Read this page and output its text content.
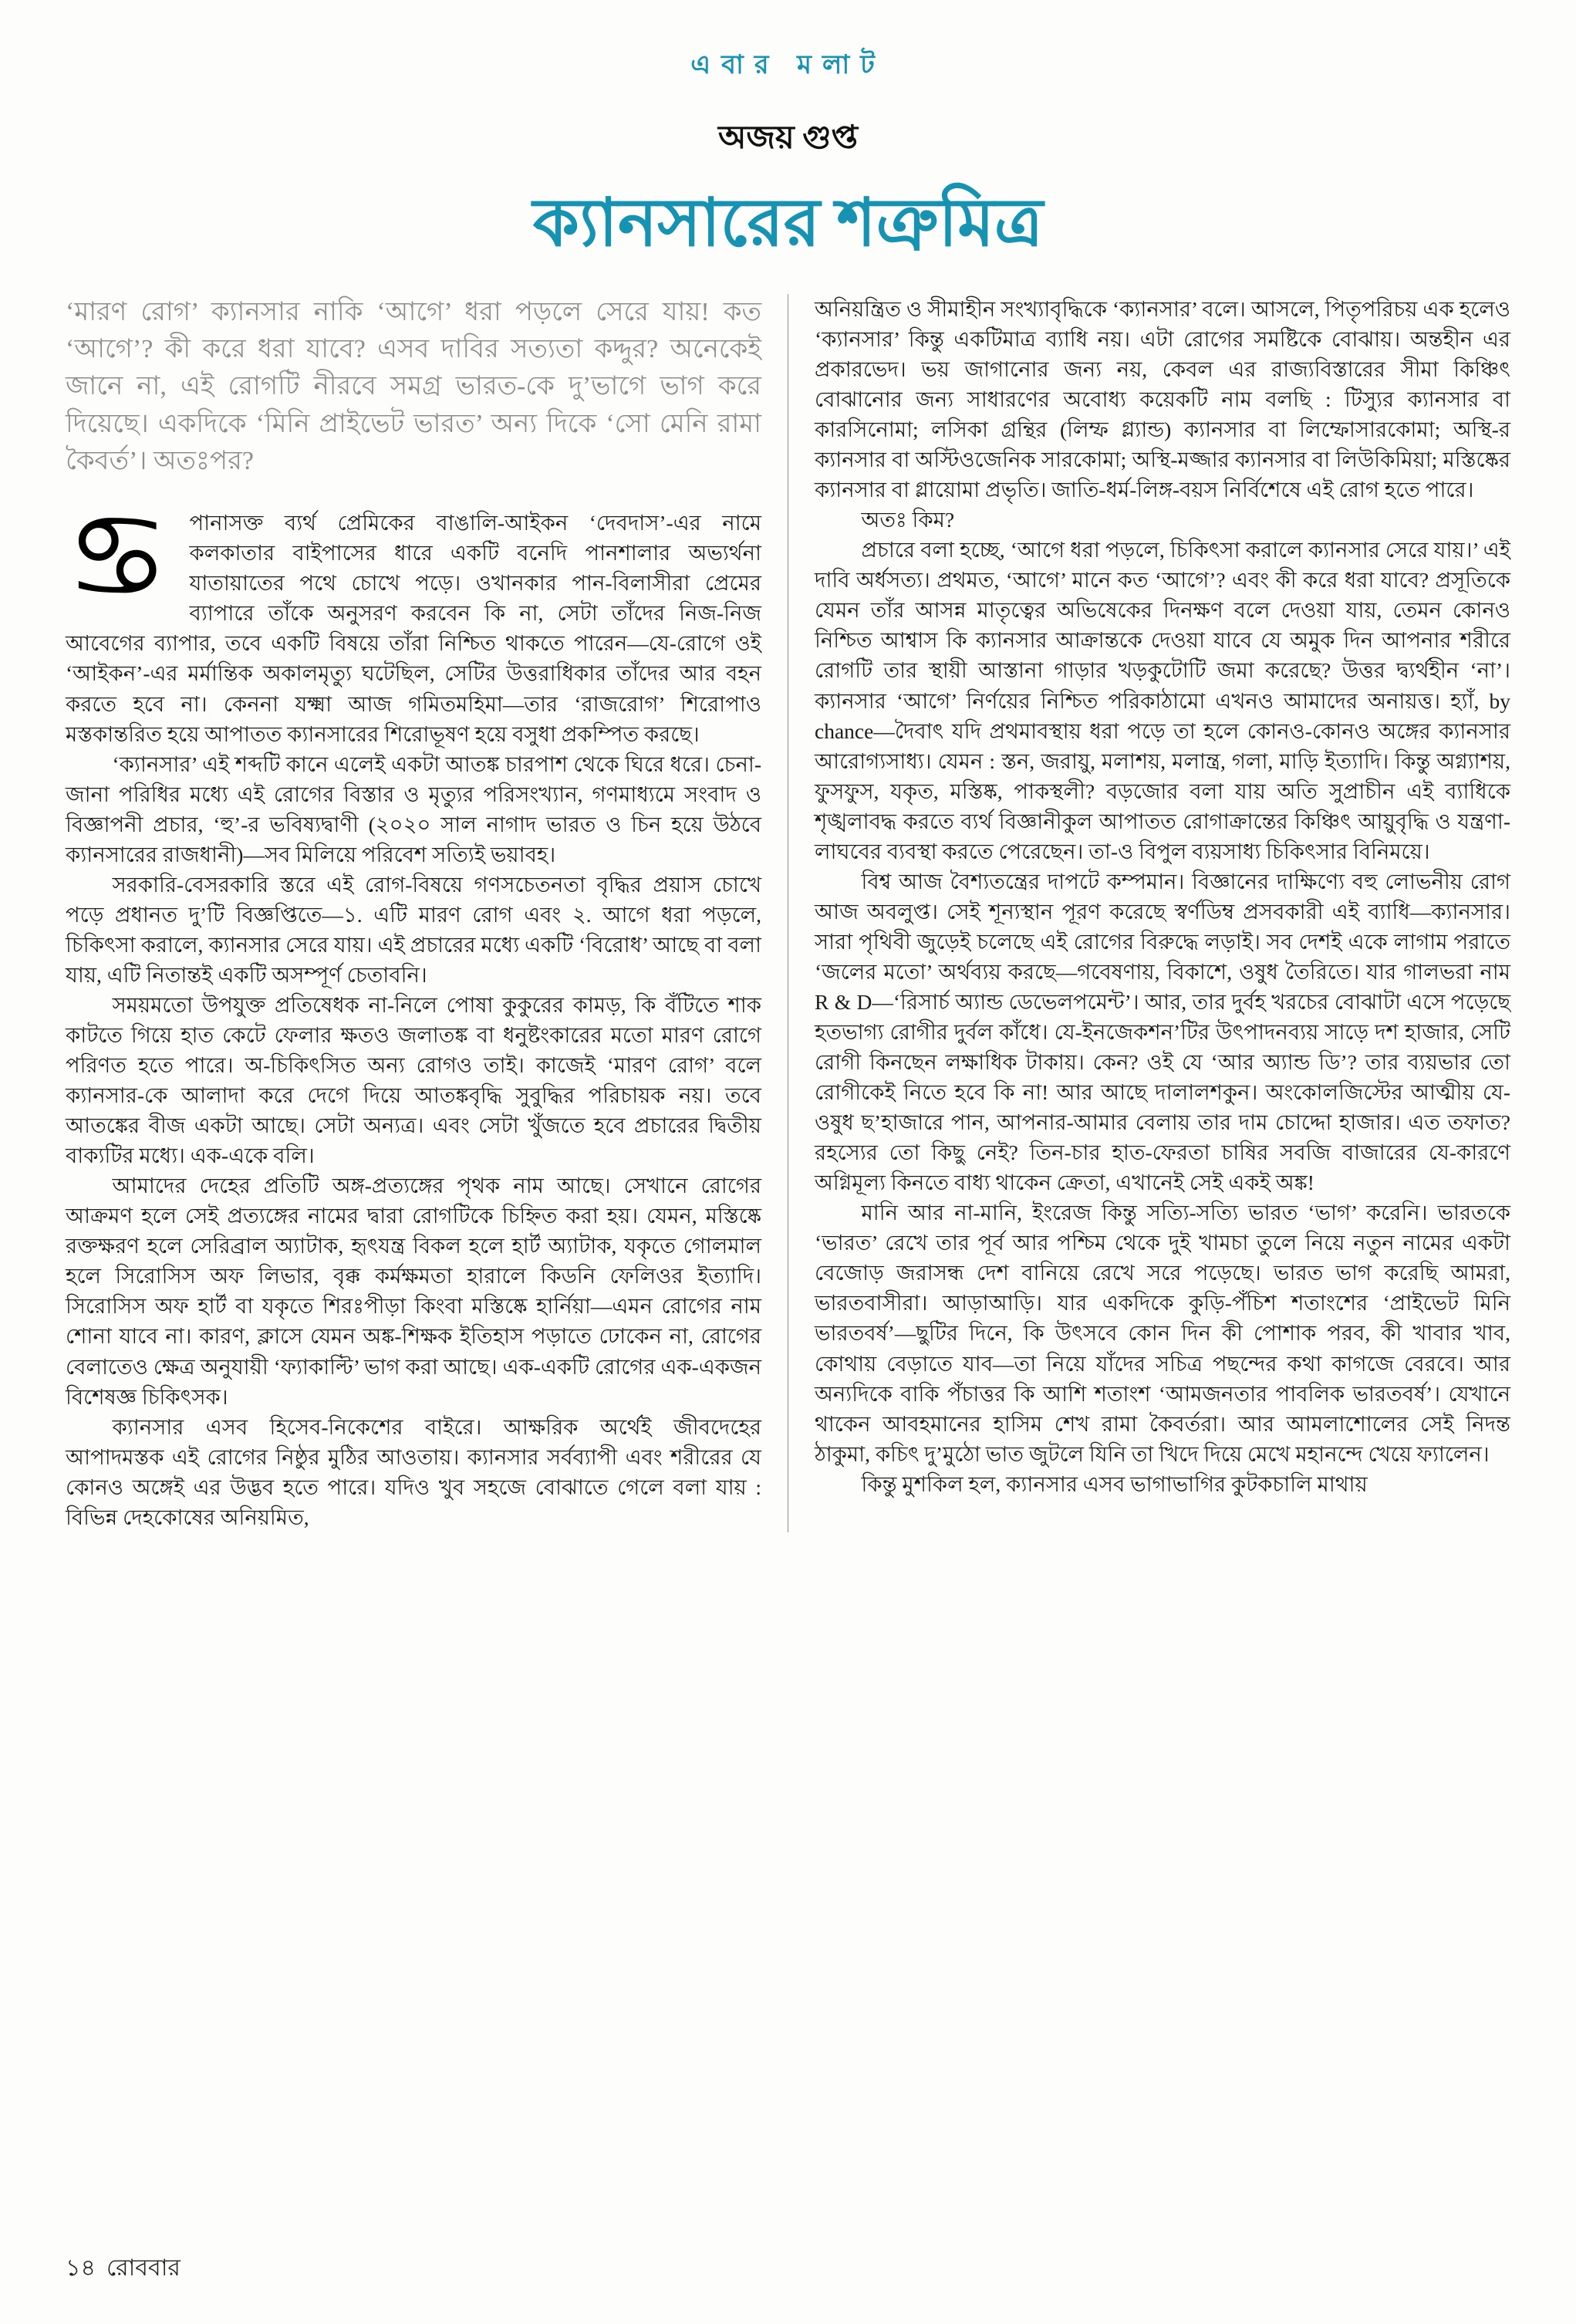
এবার মলাট
অজয় গুপ্ত
ক্যানসারের শত্রুমিত্র

‘মারণ রোগ’ ক্যানসার নাকি ‘আগে’ ধরা পড়লে সেরে যায়! কত ‘আগে’? কী করে ধরা যাবে? এসব দাবির সত্যতা কদ্দুর? অনেকেই জানে না, এই রোগটি নীরবে সমগ্র ভারত-কে দু’ভাগে ভাগ করে দিয়েছে। একদিকে ‘মিনি প্রাইভেট ভারত’ অন্য দিকে ‘সো মেনি রামা কৈবর্ত’। অতঃপর?

♋ পানাসক্ত ব্যর্থ প্রেমিকের বাঙালি-আইকন ‘দেবদাস’-এর নামে কলকাতার বাইপাসের ধারে একটি বনেদি পানশালার অভ্যর্থনা যাতায়াতের পথে চোখে পড়ে। ওখানকার পান-বিলাসীরা প্রেমের ব্যাপারে তাঁকে অনুসরণ করবেন কি না, সেটা তাঁদের নিজ-নিজ আবেগের ব্যাপার, তবে একটি বিষয়ে তাঁরা নিশ্চিত থাকতে পারেন—যে-রোগে ওই ‘আইকন’-এর মর্মান্তিক অকালমৃত্যু ঘটেছিল, সেটির উত্তরাধিকার তাঁদের আর বহন করতে হবে না। কেননা যক্ষ্মা আজ গমিতমহিমা—তার ‘রাজরোগ’ শিরোপাও মস্তকান্তরিত হয়ে আপাতত ক্যানসারের শিরোভূষণ হয়ে বসুধা প্রকম্পিত করছে।

‘ক্যানসার’ এই শব্দটি কানে এলেই একটা আতঙ্ক চারপাশ থেকে ঘিরে ধরে। চেনা-জানা পরিধির মধ্যে এই রোগের বিস্তার ও মৃত্যুর পরিসংখ্যান, গণমাধ্যমে সংবাদ ও বিজ্ঞাপনী প্রচার, ‘হু’-র ভবিষ্যদ্বাণী (২০২০ সাল নাগাদ ভারত ও চিন হয়ে উঠবে ক্যানসারের রাজধানী)—সব মিলিয়ে পরিবেশ সত্যিই ভয়াবহ।

সরকারি-বেসরকারি স্তরে এই রোগ-বিষয়ে গণসচেতনতা বৃদ্ধির প্রয়াস চোখে পড়ে প্রধানত দু’টি বিজ্ঞপ্তিতে—১. এটি মারণ রোগ এবং ২. আগে ধরা পড়লে, চিকিৎসা করালে, ক্যানসার সেরে যায়। এই প্রচারের মধ্যে একটি ‘বিরোধ’ আছে বা বলা যায়, এটি নিতান্তই একটি অসম্পূর্ণ চেতাবনি।

সময়মতো উপযুক্ত প্রতিষেধক না-নিলে পোষা কুকুরের কামড়, কি বঁটিতে শাক কাটতে গিয়ে হাত কেটে ফেলার ক্ষতও জলাতঙ্ক বা ধনুষ্টংকারের মতো মারণ রোগে পরিণত হতে পারে। অ-চিকিৎসিত অন্য রোগও তাই। কাজেই ‘মারণ রোগ’ বলে ক্যানসার-কে আলাদা করে দেগে দিয়ে আতঙ্কবৃদ্ধি সুবুদ্ধির পরিচায়ক নয়। তবে আতঙ্কের বীজ একটা আছে। সেটা অন্যত্র। এবং সেটা খুঁজতে হবে প্রচারের দ্বিতীয় বাক্যটির মধ্যে। এক-একে বলি।

আমাদের দেহের প্রতিটি অঙ্গ-প্রত্যঙ্গের পৃথক নাম আছে। সেখানে রোগের আক্রমণ হলে সেই প্রত্যঙ্গের নামের দ্বারা রোগটিকে চিহ্নিত করা হয়। যেমন, মস্তিষ্কে রক্তক্ষরণ হলে সেরিব্রাল অ্যাটাক, হৃৎযন্ত্র বিকল হলে হার্ট অ্যাটাক, যকৃতে গোলমাল হলে সিরোসিস অফ লিভার, বৃক্ক কর্মক্ষমতা হারালে কিডনি ফেলিওর ইত্যাদি। সিরোসিস অফ হার্ট বা যকৃতে শিরঃপীড়া কিংবা মস্তিষ্কে হার্নিয়া—এমন রোগের নাম শোনা যাবে না। কারণ, ক্লাসে যেমন অঙ্ক-শিক্ষক ইতিহাস পড়াতে ঢোকেন না, রোগের বেলাতেও ক্ষেত্র অনুযায়ী ‘ফ্যাকাল্টি’ ভাগ করা আছে। এক-একটি রোগের এক-একজন বিশেষজ্ঞ চিকিৎসক।

ক্যানসার এসব হিসেব-নিকেশের বাইরে। আক্ষরিক অর্থেই জীবদেহের আপাদমস্তক এই রোগের নিষ্ঠুর মুঠির আওতায়। ক্যানসার সর্বব্যাপী এবং শরীরের যে কোনও অঙ্গেই এর উদ্ভব হতে পারে। যদিও খুব সহজে বোঝাতে গেলে বলা যায় : বিভিন্ন দেহকোষের অনিয়মিত,

অনিয়ন্ত্রিত ও সীমাহীন সংখ্যাবৃদ্ধিকে ‘ক্যানসার’ বলে। আসলে, পিতৃপরিচয় এক হলেও ‘ক্যানসার’ কিন্তু একটিমাত্র ব্যাধি নয়। এটা রোগের সমষ্টিকে বোঝায়। অন্তহীন এর প্রকারভেদ। ভয় জাগানোর জন্য নয়, কেবল এর রাজ্যবিস্তারের সীমা কিঞ্চিৎ বোঝানোর জন্য সাধারণের অবোধ্য কয়েকটি নাম বলছি : টিস্যুর ক্যানসার বা কারসিনোমা; লসিকা গ্রন্থির (লিম্ফ গ্ল্যান্ড) ক্যানসার বা লিম্ফোসারকোমা; অস্থি-র ক্যানসার বা অস্টিওজেনিক সারকোমা; অস্থি-মজ্জার ক্যানসার বা লিউকিমিয়া; মস্তিষ্কের ক্যানসার বা গ্লায়োমা প্রভৃতি। জাতি-ধর্ম-লিঙ্গ-বয়স নির্বিশেষে এই রোগ হতে পারে।

অতঃ কিম?

প্রচারে বলা হচ্ছে, ‘আগে ধরা পড়লে, চিকিৎসা করালে ক্যানসার সেরে যায়।’ এই দাবি অর্ধসত্য। প্রথমত, ‘আগে’ মানে কত ‘আগে’? এবং কী করে ধরা যাবে? প্রসূতিকে যেমন তাঁর আসন্ন মাতৃত্বের অভিষেকের দিনক্ষণ বলে দেওয়া যায়, তেমন কোনও নিশ্চিত আশ্বাস কি ক্যানসার আক্রান্তকে দেওয়া যাবে যে অমুক দিন আপনার শরীরে রোগটি তার স্থায়ী আস্তানা গাড়ার খড়কুটোটি জমা করেছে? উত্তর দ্ব্যর্থহীন ‘না’। ক্যানসার ‘আগে’ নির্ণয়ের নিশ্চিত পরিকাঠামো এখনও আমাদের অনায়ত্ত। হ্যাঁ, by chance—দৈবাৎ যদি প্রথমাবস্থায় ধরা পড়ে তা হলে কোনও-কোনও অঙ্গের ক্যানসার আরোগ্যসাধ্য। যেমন : স্তন, জরায়ু, মলাশয়, মলান্ত্র, গলা, মাড়ি ইত্যাদি। কিন্তু অগ্ন্যাশয়, ফুসফুস, যকৃত, মস্তিষ্ক, পাকস্থলী? বড়জোর বলা যায় অতি সুপ্রাচীন এই ব্যাধিকে শৃঙ্খলাবদ্ধ করতে ব্যর্থ বিজ্ঞানীকুল আপাতত রোগাক্রান্তের কিঞ্চিৎ আয়ুবৃদ্ধি ও যন্ত্রণা-লাঘবের ব্যবস্থা করতে পেরেছেন। তা-ও বিপুল ব্যয়সাধ্য চিকিৎসার বিনিময়ে।

বিশ্ব আজ বৈশ্যতন্ত্রের দাপটে কম্পমান। বিজ্ঞানের দাক্ষিণ্যে বহু লোভনীয় রোগ আজ অবলুপ্ত। সেই শূন্যস্থান পূরণ করেছে স্বর্ণডিম্ব প্রসবকারী এই ব্যাধি—ক্যানসার। সারা পৃথিবী জুড়েই চলেছে এই রোগের বিরুদ্ধে লড়াই। সব দেশই একে লাগাম পরাতে ‘জলের মতো’ অর্থব্যয় করছে—গবেষণায়, বিকাশে, ওষুধ তৈরিতে। যার গালভরা নাম R & D—‘রিসার্চ অ্যান্ড ডেভেলপমেন্ট’। আর, তার দুর্বহ খরচের বোঝাটা এসে পড়েছে হতভাগ্য রোগীর দুর্বল কাঁধে। যে-ইনজেকশন’টির উৎপাদনব্যয় সাড়ে দশ হাজার, সেটি রোগী কিনছেন লক্ষাধিক টাকায়। কেন? ওই যে ‘আর অ্যান্ড ডি’? তার ব্যয়ভার তো রোগীকেই নিতে হবে কি না! আর আছে দালালশকুন। অংকোলজিস্টের আত্মীয় যে-ওষুধ ছ’হাজারে পান, আপনার-আমার বেলায় তার দাম চোদ্দো হাজার। এত তফাত? রহস্যের তো কিছু নেই? তিন-চার হাত-ফেরতা চাষির সবজি বাজারের যে-কারণে অগ্নিমূল্য কিনতে বাধ্য থাকেন ক্রেতা, এখানেই সেই একই অঙ্ক!

মানি আর না-মানি, ইংরেজ কিন্তু সত্যি-সত্যি ভারত ‘ভাগ’ করেনি। ভারতকে ‘ভারত’ রেখে তার পূর্ব আর পশ্চিম থেকে দুই খামচা তুলে নিয়ে নতুন নামের একটা বেজোড় জরাসন্ধ দেশ বানিয়ে রেখে সরে পড়েছে। ভারত ভাগ করেছি আমরা, ভারতবাসীরা। আড়াআড়ি। যার একদিকে কুড়ি-পঁচিশ শতাংশের ‘প্রাইভেট মিনি ভারতবর্ষ’—ছুটির দিনে, কি উৎসবে কোন দিন কী পোশাক পরব, কী খাবার খাব, কোথায় বেড়াতে যাব—তা নিয়ে যাঁদের সচিত্র পছন্দের কথা কাগজে বেরবে। আর অন্যদিকে বাকি পঁচাত্তর কি আশি শতাংশ ‘আমজনতার পাবলিক ভারতবর্ষ’। যেখানে থাকেন আবহমানের হাসিম শেখ রামা কৈবর্তরা। আর আমলাশোলের সেই নিদন্ত ঠাকুমা, কচিৎ দু’মুঠো ভাত জুটলে যিনি তা খিদে দিয়ে মেখে মহানন্দে খেয়ে ফ্যালেন।

কিন্তু মুশকিল হল, ক্যানসার এসব ভাগাভাগির কুটকচালি মাথায়

১৪ রোববার
